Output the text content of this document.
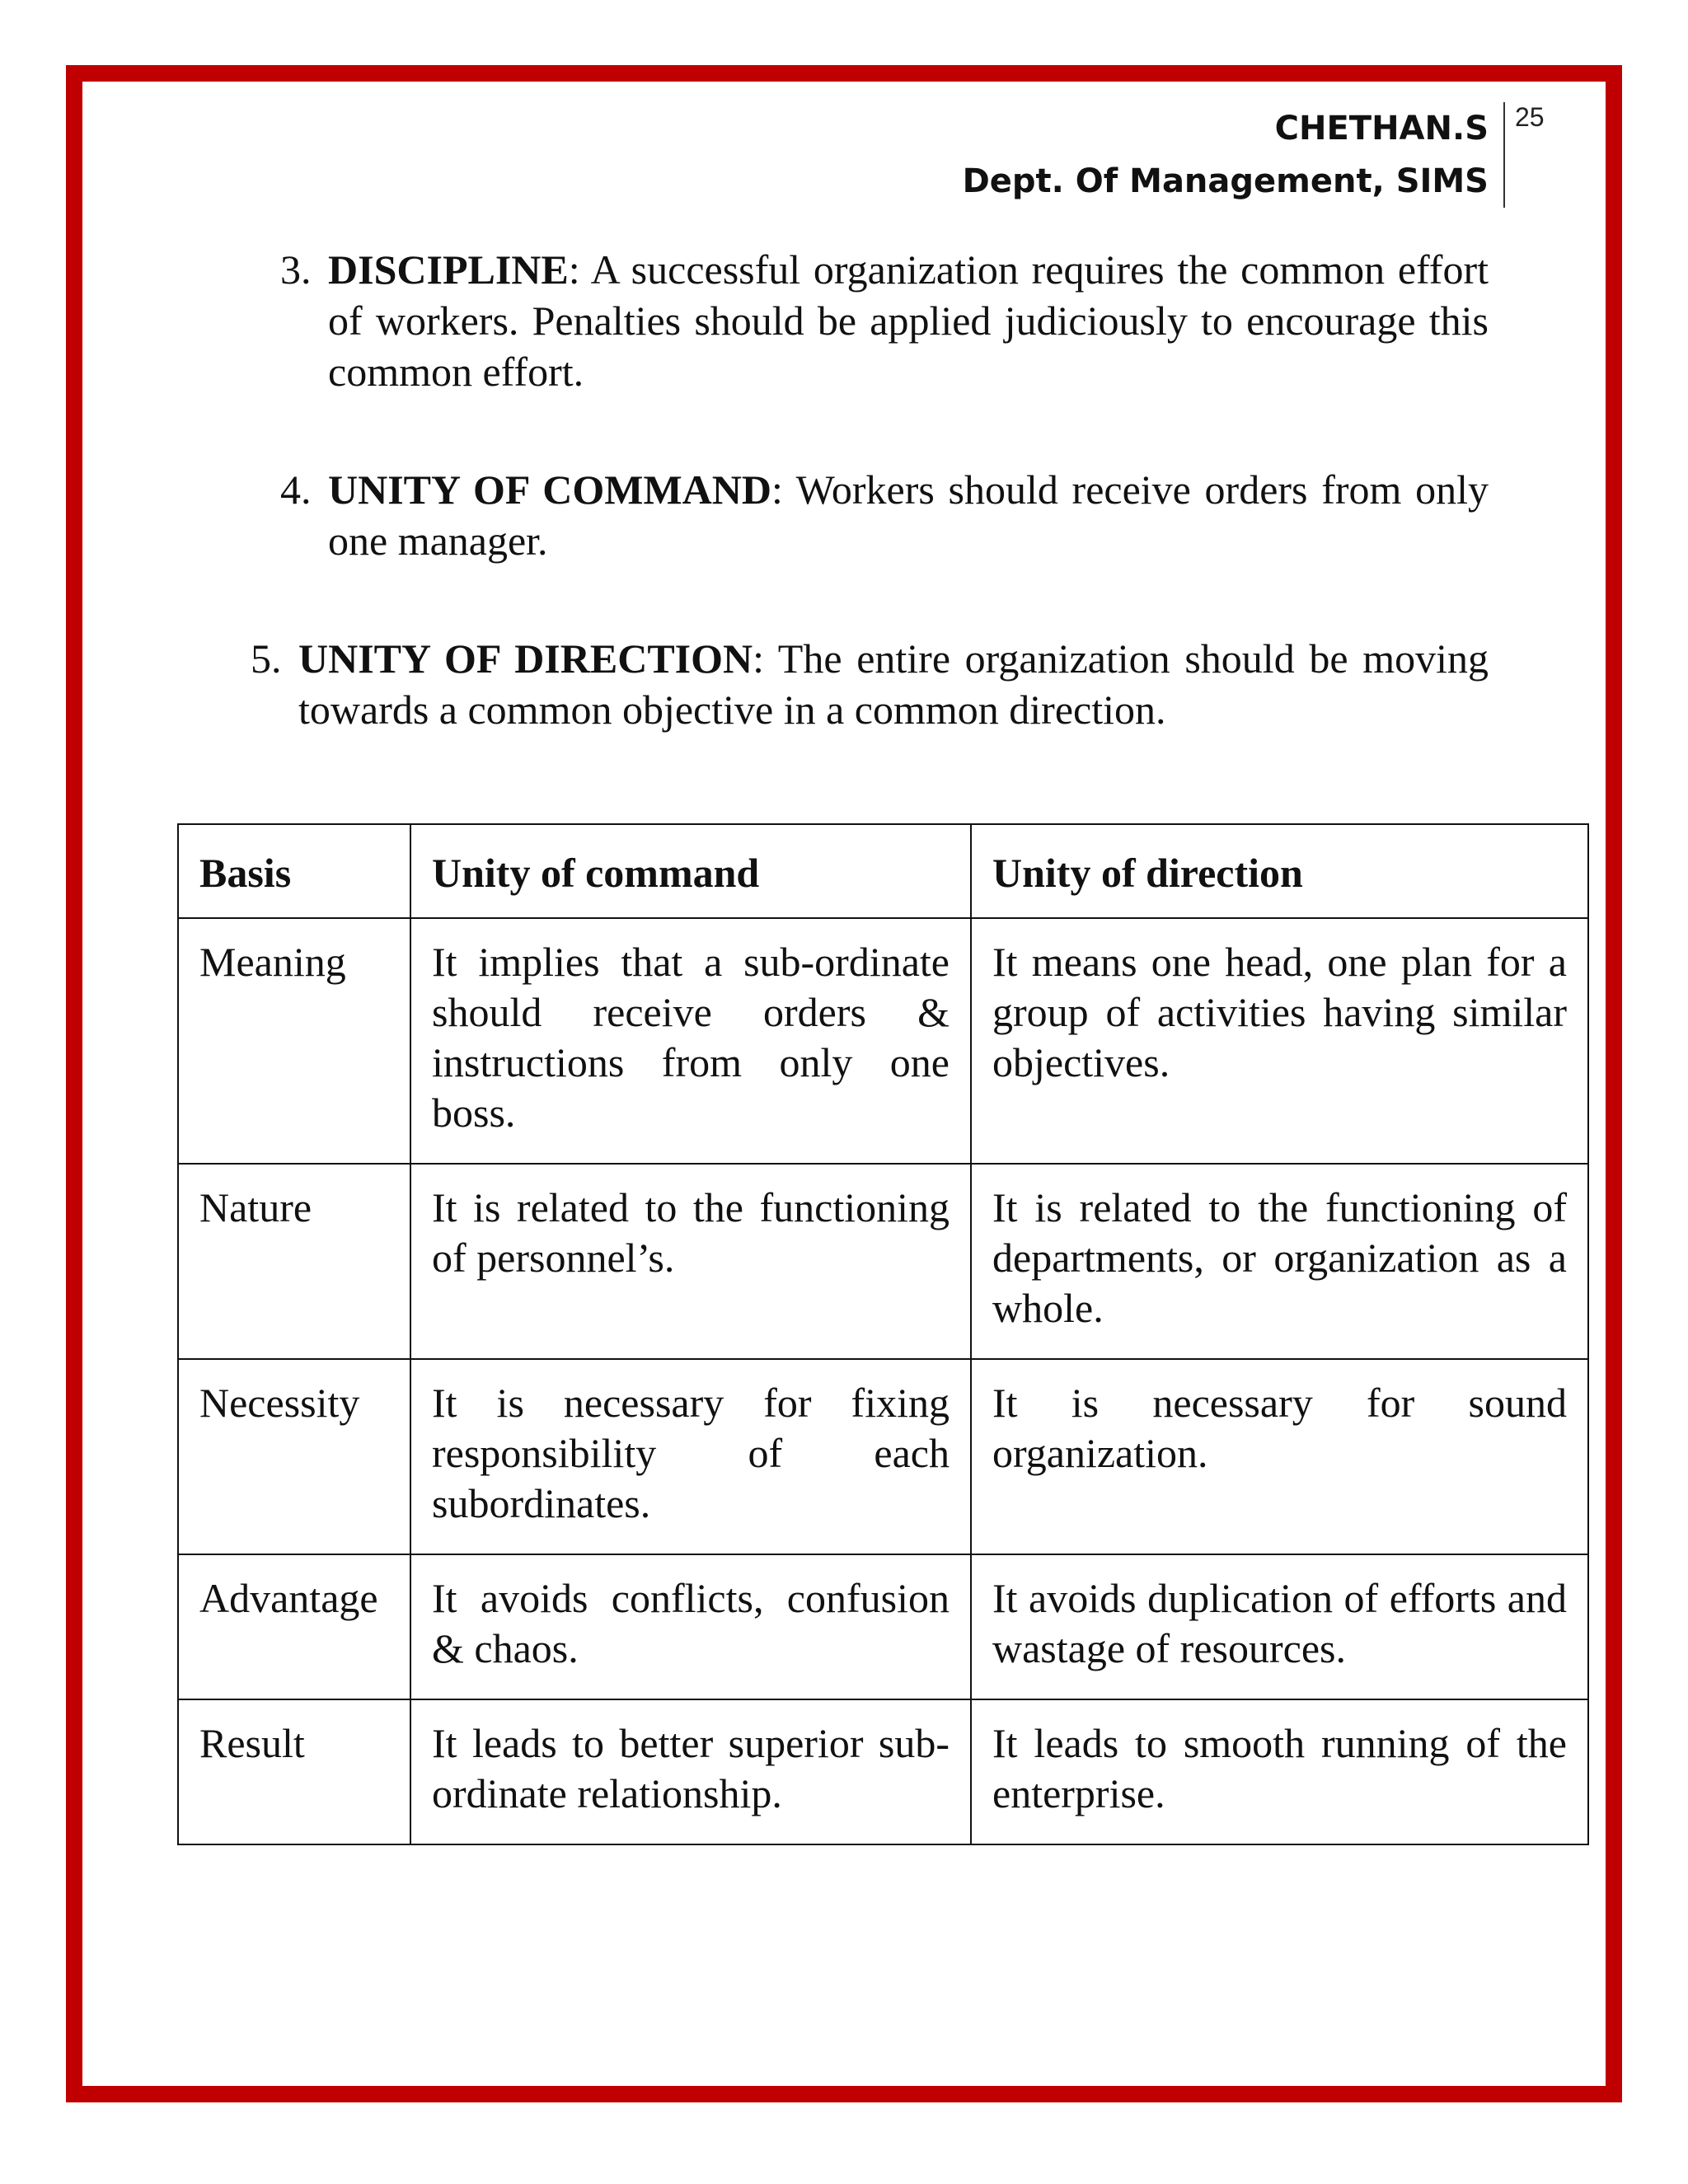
CHETHAN.S
Dept. Of Management, SIMS
25
3. DISCIPLINE: A successful organization requires the common effort of workers. Penalties should be applied judiciously to encourage this common effort.
4. UNITY OF COMMAND: Workers should receive orders from only one manager.
5. UNITY OF DIRECTION: The entire organization should be moving towards a common objective in a common direction.
Basis	Unity of command	Unity of direction
Meaning	It implies that a sub-ordinate should receive orders & instructions from only one boss.	It means one head, one plan for a group of activities having similar objectives.
Nature	It is related to the functioning of personnel’s.	It is related to the functioning of departments, or organization as a whole.
Necessity	It is necessary for fixing responsibility of each subordinates.	It is necessary for sound organization.
Advantage	It avoids conflicts, confusion & chaos.	It avoids duplication of efforts and wastage of resources.
Result	It leads to better superior sub-ordinate relationship.	It leads to smooth running of the enterprise.
